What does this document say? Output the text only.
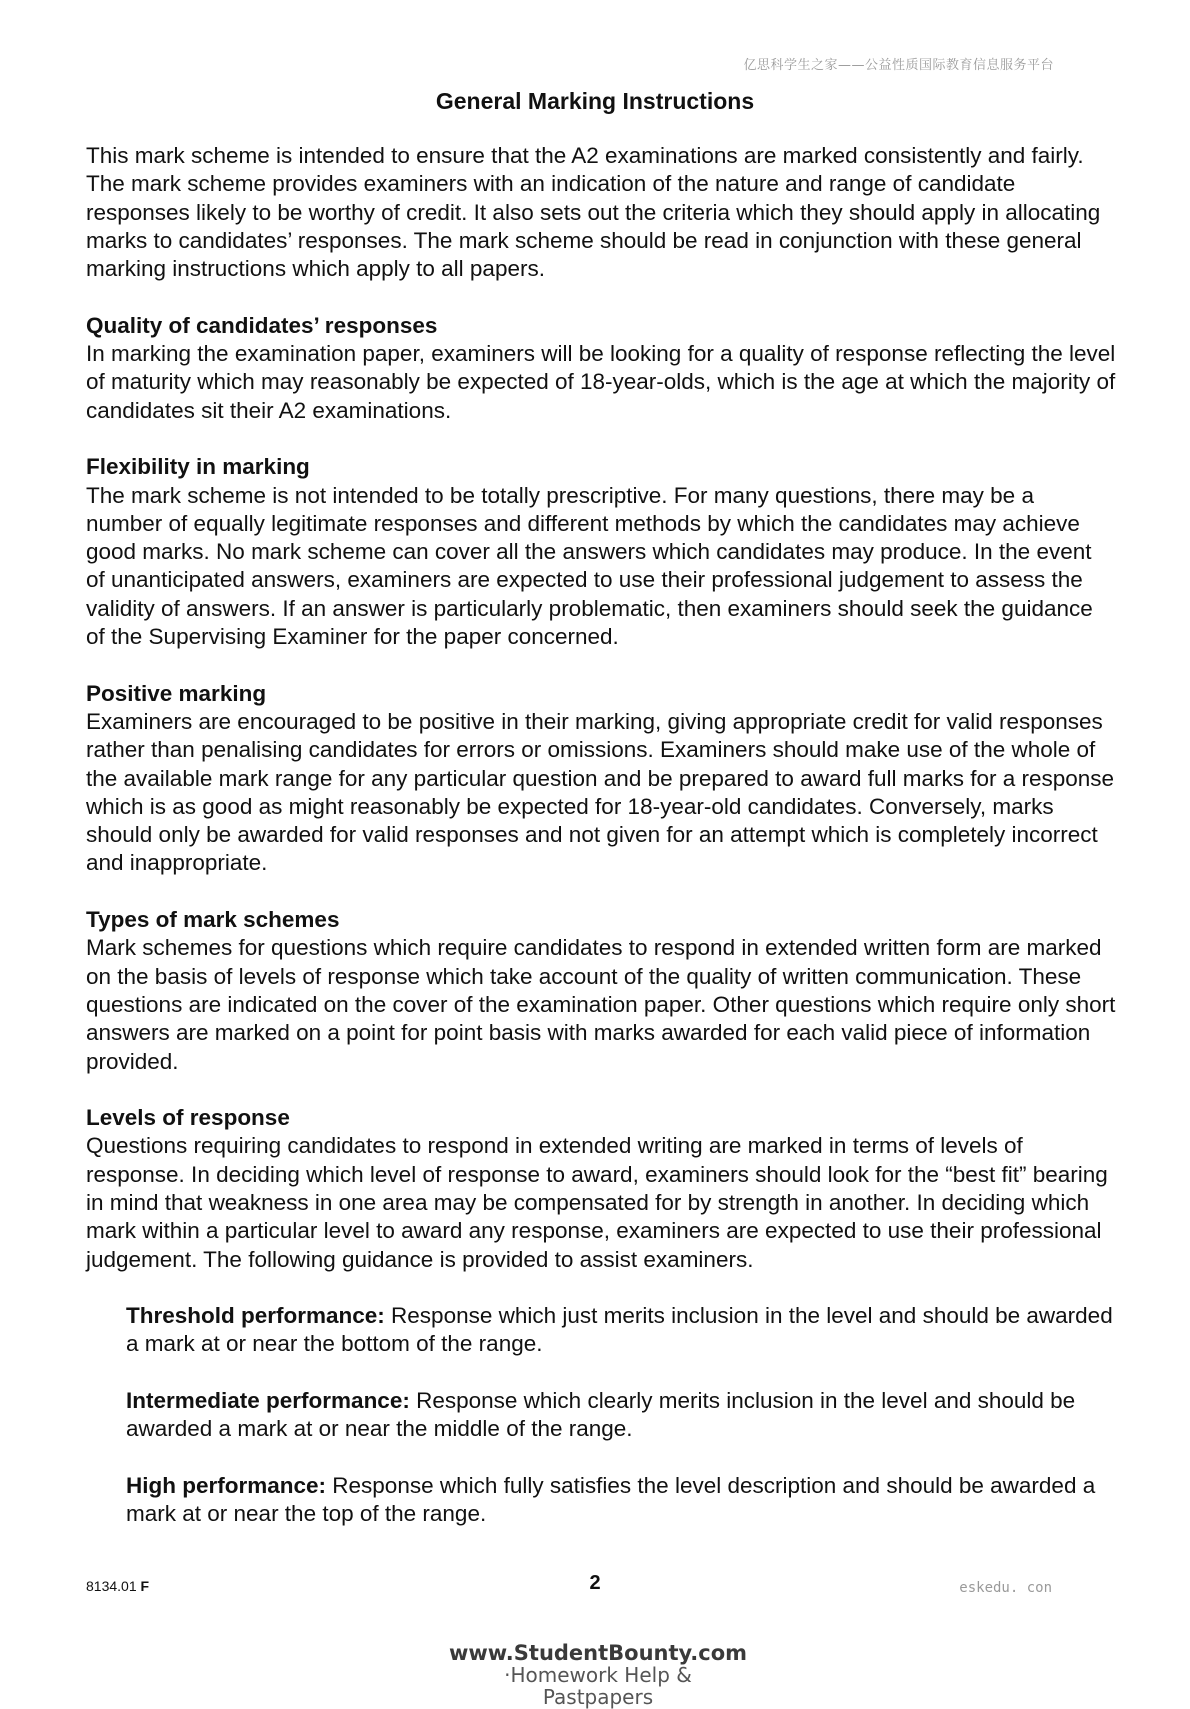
亿思科学生之家——公益性质国际教育信息服务平台
General Marking Instructions

This mark scheme is intended to ensure that the A2 examinations are marked consistently and fairly. The mark scheme provides examiners with an indication of the nature and range of candidate responses likely to be worthy of credit. It also sets out the criteria which they should apply in allocating marks to candidates’ responses. The mark scheme should be read in conjunction with these general marking instructions which apply to all papers.

Quality of candidates’ responses
In marking the examination paper, examiners will be looking for a quality of response reflecting the level of maturity which may reasonably be expected of 18-year-olds, which is the age at which the majority of candidates sit their A2 examinations.

Flexibility in marking
The mark scheme is not intended to be totally prescriptive. For many questions, there may be a number of equally legitimate responses and different methods by which the candidates may achieve good marks. No mark scheme can cover all the answers which candidates may produce. In the event of unanticipated answers, examiners are expected to use their professional judgement to assess the validity of answers. If an answer is particularly problematic, then examiners should seek the guidance of the Supervising Examiner for the paper concerned.

Positive marking
Examiners are encouraged to be positive in their marking, giving appropriate credit for valid responses rather than penalising candidates for errors or omissions. Examiners should make use of the whole of the available mark range for any particular question and be prepared to award full marks for a response which is as good as might reasonably be expected for 18-year-old candidates. Conversely, marks should only be awarded for valid responses and not given for an attempt which is completely incorrect and inappropriate.

Types of mark schemes
Mark schemes for questions which require candidates to respond in extended written form are marked on the basis of levels of response which take account of the quality of written communication. These questions are indicated on the cover of the examination paper. Other questions which require only short answers are marked on a point for point basis with marks awarded for each valid piece of information provided.

Levels of response
Questions requiring candidates to respond in extended writing are marked in terms of levels of response. In deciding which level of response to award, examiners should look for the “best fit” bearing in mind that weakness in one area may be compensated for by strength in another. In deciding which mark within a particular level to award any response, examiners are expected to use their professional judgement. The following guidance is provided to assist examiners.

Threshold performance: Response which just merits inclusion in the level and should be awarded a mark at or near the bottom of the range.

Intermediate performance: Response which clearly merits inclusion in the level and should be awarded a mark at or near the middle of the range.

High performance: Response which fully satisfies the level description and should be awarded a mark at or near the top of the range.

8134.01 F	2	eskedu. con
www.StudentBounty.com
·Homework Help & Pastpapers
